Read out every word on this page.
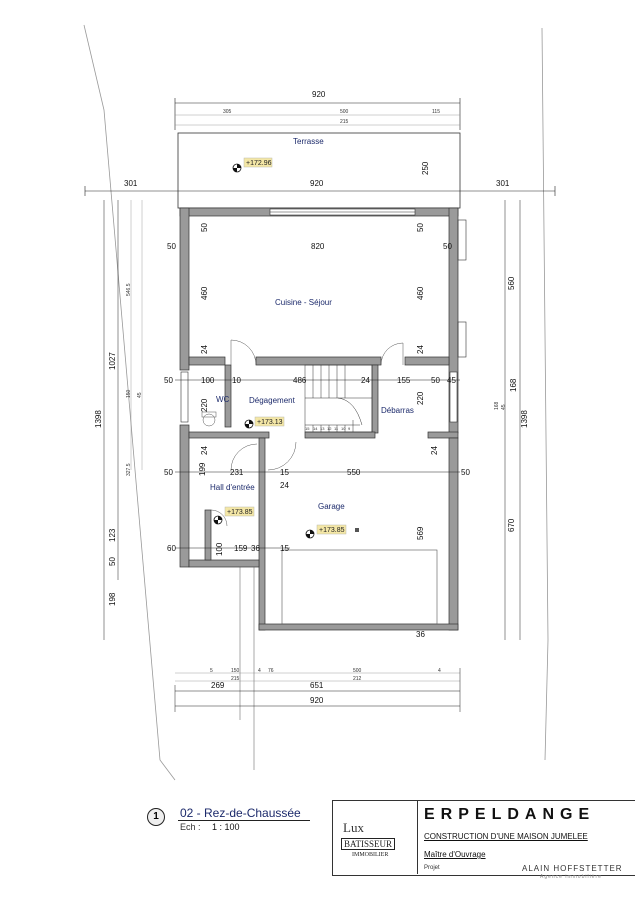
920
305	500	115
215
301	920	301
Terrasse
250
+172.96
15 14 13 12 11 10 9
Cuisine - Séjour
WC Dégagement
Débarras
Hall d'entrée
Garage
+173.13
+173.85
+173.85
50
50
820
50
50
460	460
24	24
50	100 10	486	24	155	50 45	168
220
220
24	24
50	199	231	15
24
550	50
569
60	100 159 36	15
36
1398
1027
123
50
198
546.5
150 45
327.5
560
1398
670
168 45
5	150	4 76	500	4
215	212
269	651
920
1	02 - Rez-de-Chaussée
Ech : 1 : 100	Lux
BATISSEUR
IMMOBILIER
ERPELDANGE
CONSTRUCTION D'UNE MAISON JUMELEE
Maître d'Ouvrage
Projet	ALAIN HOFFSTETTER
Agence immobilière
